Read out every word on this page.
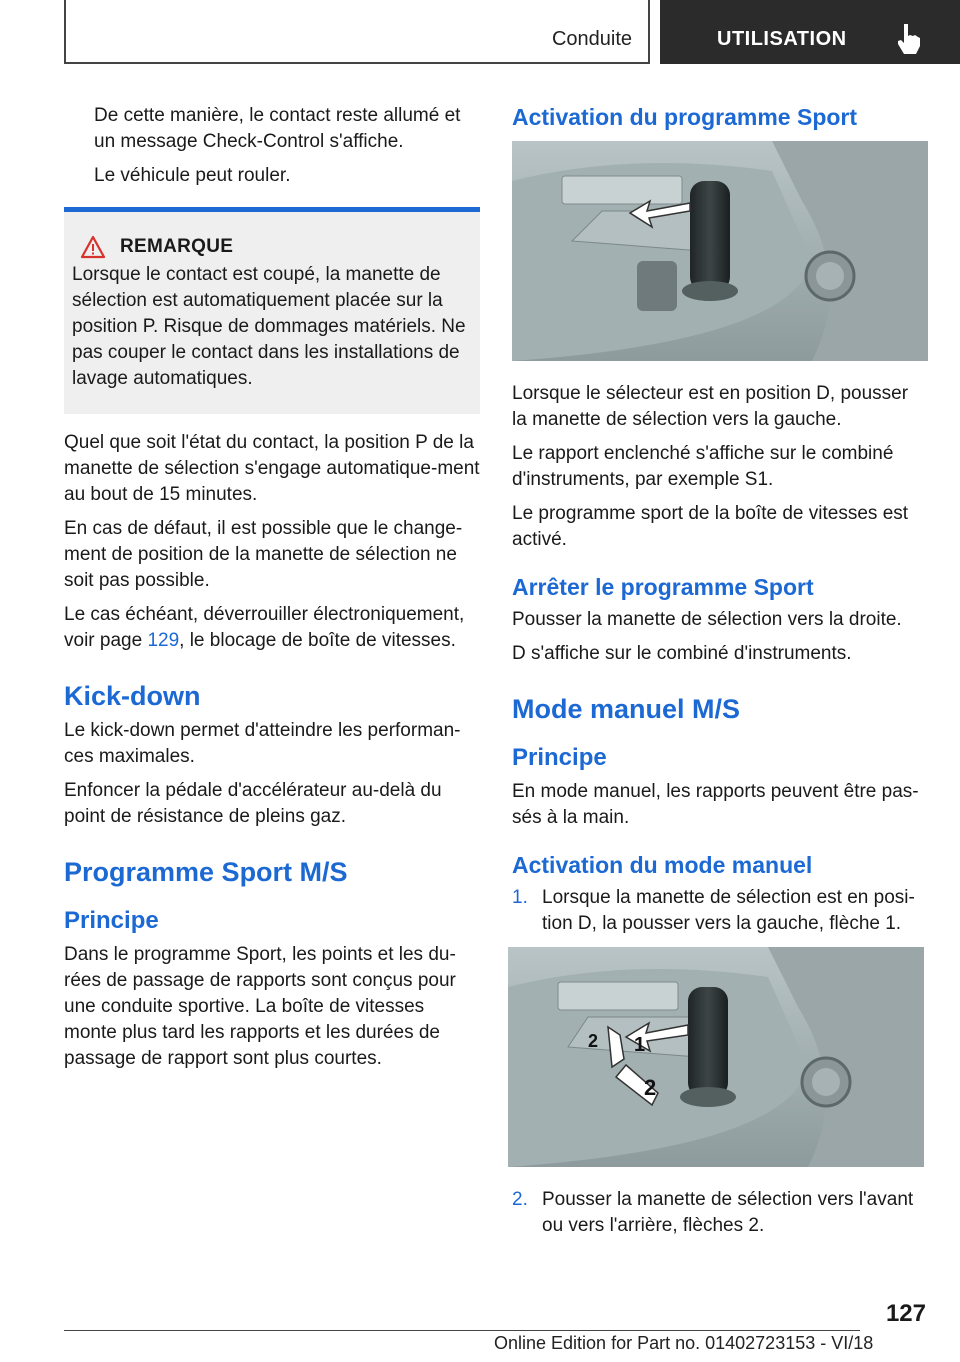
Conduite	UTILISATION

De cette manière, le contact reste allumé et un message Check-Control s'affiche.

Le véhicule peut rouler.

REMARQUE
Lorsque le contact est coupé, la manette de sélection est automatiquement placée sur la position P. Risque de dommages matériels. Ne pas couper le contact dans les installations de lavage automatiques.

Quel que soit l'état du contact, la position P de la manette de sélection s'engage automatique-ment au bout de 15 minutes.

En cas de défaut, il est possible que le change-ment de position de la manette de sélection ne soit pas possible.

Le cas échéant, déverrouiller électroniquement, voir page 129, le blocage de boîte de vitesses.

Kick-down

Le kick-down permet d'atteindre les performan-ces maximales.

Enfoncer la pédale d'accélérateur au-delà du point de résistance de pleins gaz.

Programme Sport M/S
Principe

Dans le programme Sport, les points et les du-rées de passage de rapports sont conçus pour une conduite sportive. La boîte de vitesses monte plus tard les rapports et les durées de passage de rapport sont plus courtes.

Activation du programme Sport

Lorsque le sélecteur est en position D, pousser la manette de sélection vers la gauche.

Le rapport enclenché s'affiche sur le combiné d'instruments, par exemple S1.

Le programme sport de la boîte de vitesses est activé.

Arrêter le programme Sport

Pousser la manette de sélection vers la droite.

D s'affiche sur le combiné d'instruments.

Mode manuel M/S
Principe

En mode manuel, les rapports peuvent être pas-sés à la main.

Activation du mode manuel
1. Lorsque la manette de sélection est en posi-tion D, la pousser vers la gauche, flèche 1.
1
2
2
2. Pousser la manette de sélection vers l'avant ou vers l'arrière, flèches 2.
127
Online Edition for Part no. 01402723153 - VI/18
